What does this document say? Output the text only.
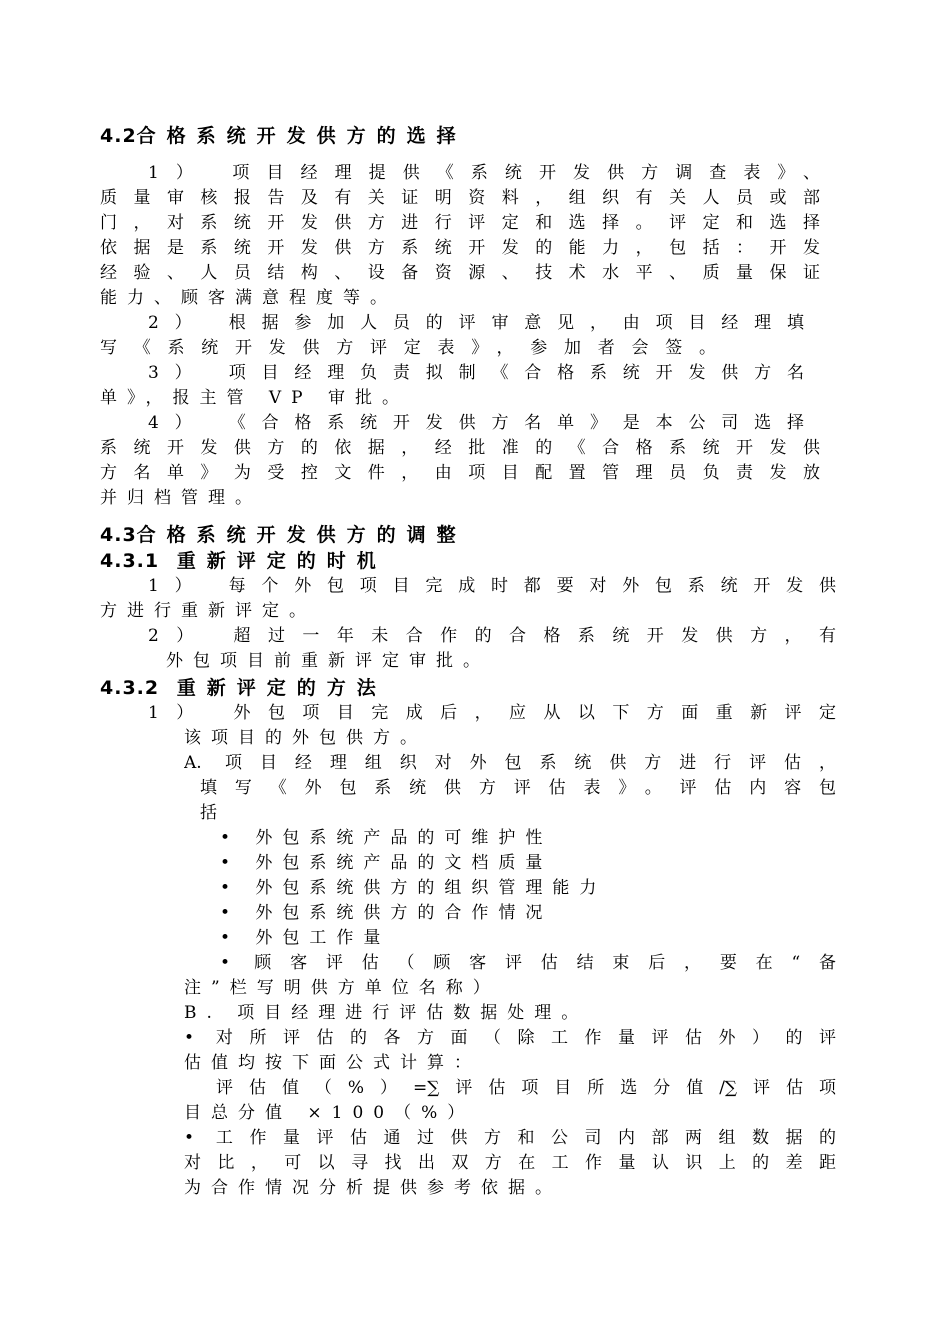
4.2合格系统开发供方的选择
1） 项目经理提供《系统开发供方调查表》、
质量审核报告及有关证明资料，组织有关人员或部
门，对系统开发供方进行评定和选择。评定和选择
依据是系统开发供方系统开发的能力，包括：开发
经验、人员结构、设备资源、技术水平、质量保证
能力、顾客满意程度等。
2） 根据参加人员的评审意见，由项目经理填
写《系统开发供方评定表》，参加者会签。
3） 项目经理负责拟制《合格系统开发供方名
单》，报主管 VP 审批。
4） 《合格系统开发供方名单》是本公司选择
系统开发供方的依据，经批准的《合格系统开发供
方名单》为受控文件，由项目配置管理员负责发放
并归档管理。
4.3合格系统开发供方的调整
4.3.1 重新评定的时机
1） 每个外包项目完成时都要对外包系统开发供
方进行重新评定。
2） 超过一年未合作的合格系统开发供方，有
外包项目前重新评定审批。
4.3.2 重新评定的方法
1） 外包项目完成后，应从以下方面重新评定
该项目的外包供方。
A. 项目经理组织对外包系统供方进行评估，
填写《外包系统供方评估表》。评估内容包
括
• 外包系统产品的可维护性
• 外包系统产品的文档质量
• 外包系统供方的组织管理能力
• 外包系统供方的合作情况
• 外包工作量
• 顾客评估（顾客评估结束后，要在“备
注”栏写明供方单位名称）
B. 项目经理进行评估数据处理。
• 对所评估的各方面（除工作量评估外）的评
估值均按下面公式计算：
评估值（%）=∑评估项目所选分值/∑评估项
目总分值 ×100（%）
• 工作量评估通过供方和公司内部两组数据的
对比，可以寻找出双方在工作量认识上的差距
为合作情况分析提供参考依据。
